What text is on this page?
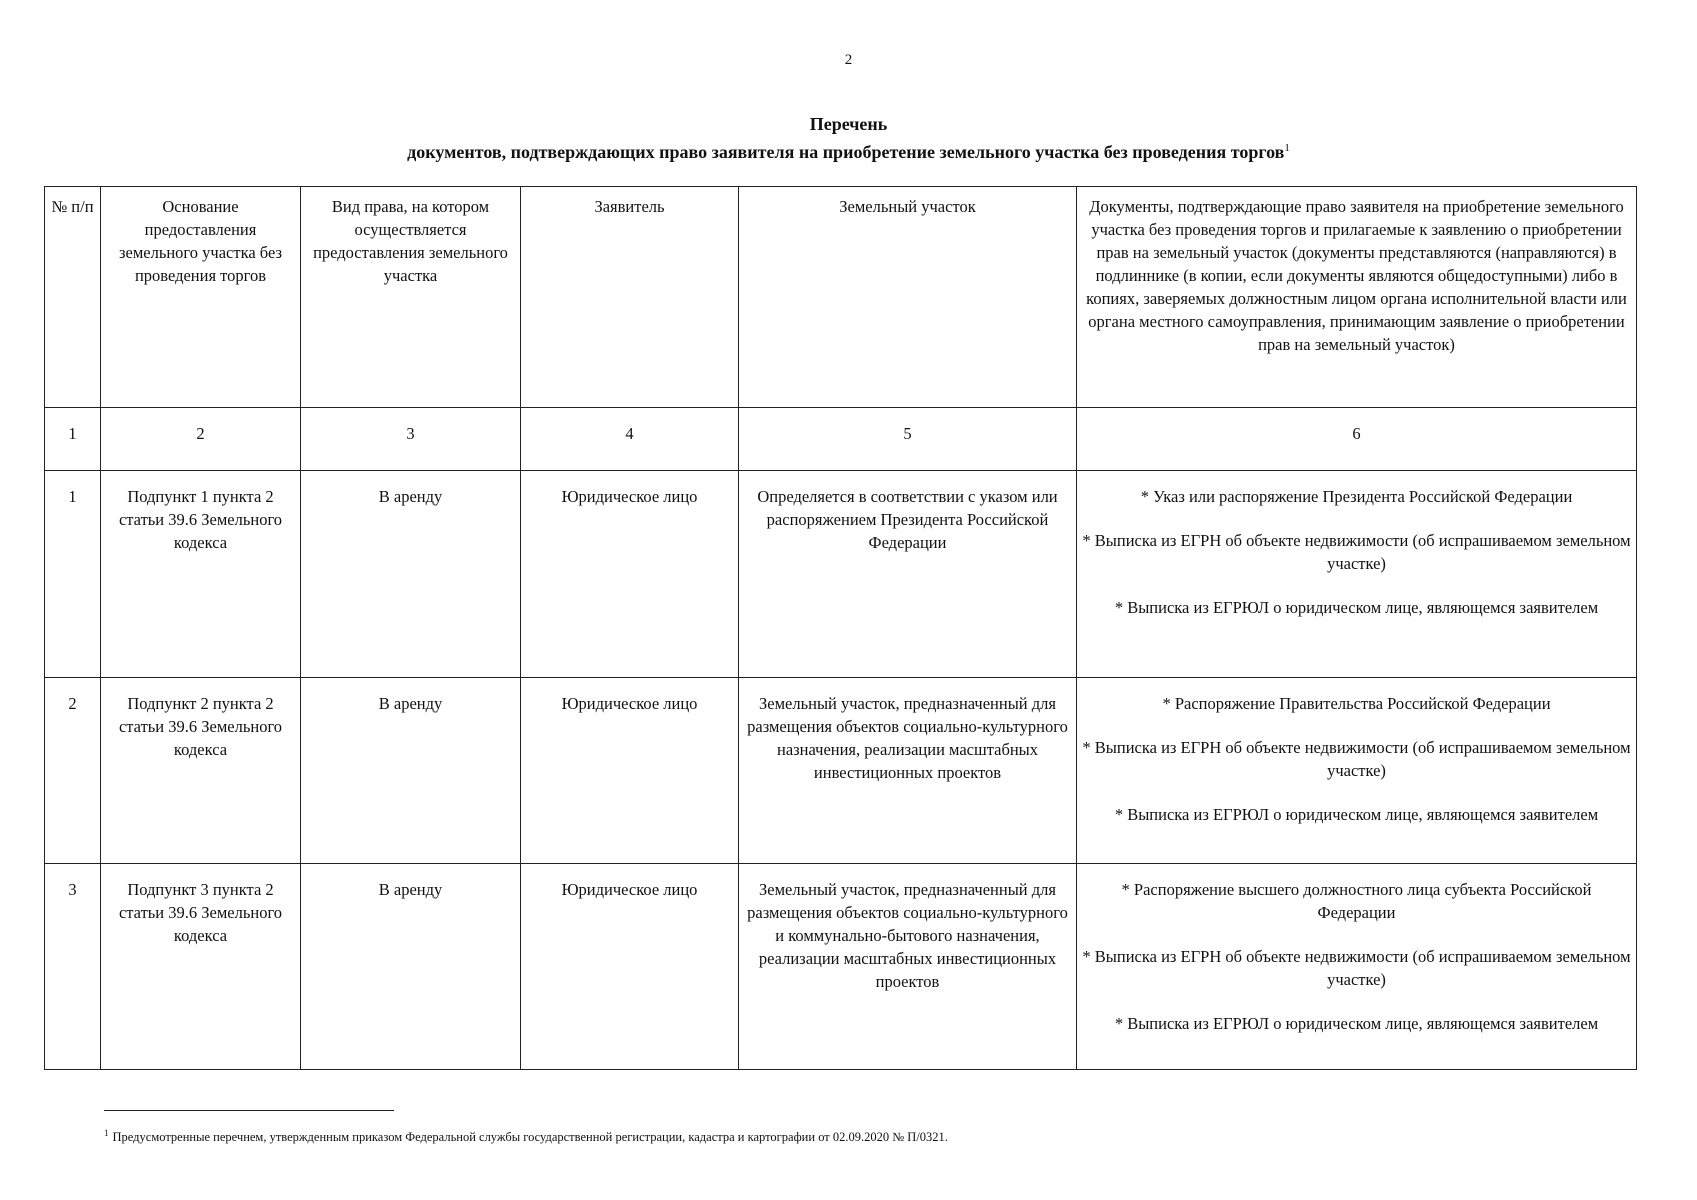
2
Перечень
документов, подтверждающих право заявителя на приобретение земельного участка без проведения торгов$^1$
№ п/п	Основание предоставления земельного участка без проведения торгов	Вид права, на котором осуществляется предоставления земельного участка	Заявитель	Земельный участок	Документы, подтверждающие право заявителя на приобретение земельного участка без проведения торгов и прилагаемые к заявлению о приобретении прав на земельный участок (документы представляются (направляются) в подлиннике (в копии, если документы являются общедоступными) либо в копиях, заверяемых должностным лицом органа исполнительной власти или органа местного самоуправления, принимающим заявление о приобретении прав на земельный участок)
1	2	3	4	5	6
1	Подпункт 1 пункта 2 статьи 39.6 Земельного кодекса	В аренду	Юридическое лицо	Определяется в соответствии с указом или распоряжением Президента Российской Федерации	* Указ или распоряжение Президента Российской Федерации
* Выписка из ЕГРН об объекте недвижимости (об испрашиваемом земельном участке)
* Выписка из ЕГРЮЛ о юридическом лице, являющемся заявителем

2	Подпункт 2 пункта 2 статьи 39.6 Земельного кодекса	В аренду	Юридическое лицо	Земельный участок, предназначенный для размещения объектов социально-культурного назначения, реализации масштабных инвестиционных проектов	* Распоряжение Правительства Российской Федерации
* Выписка из ЕГРН об объекте недвижимости (об испрашиваемом земельном участке)
* Выписка из ЕГРЮЛ о юридическом лице, являющемся заявителем

3	Подпункт 3 пункта 2 статьи 39.6 Земельного кодекса	В аренду	Юридическое лицо	Земельный участок, предназначенный для размещения объектов социально-культурного и коммунально-бытового назначения, реализации масштабных инвестиционных проектов	* Распоряжение высшего должностного лица субъекта Российской Федерации
* Выписка из ЕГРН об объекте недвижимости (об испрашиваемом земельном участке)
* Выписка из ЕГРЮЛ о юридическом лице, являющемся заявителем
$^1$ Предусмотренные перечнем, утвержденным приказом Федеральной службы государственной регистрации, кадастра и картографии от 02.09.2020 № П/0321.
